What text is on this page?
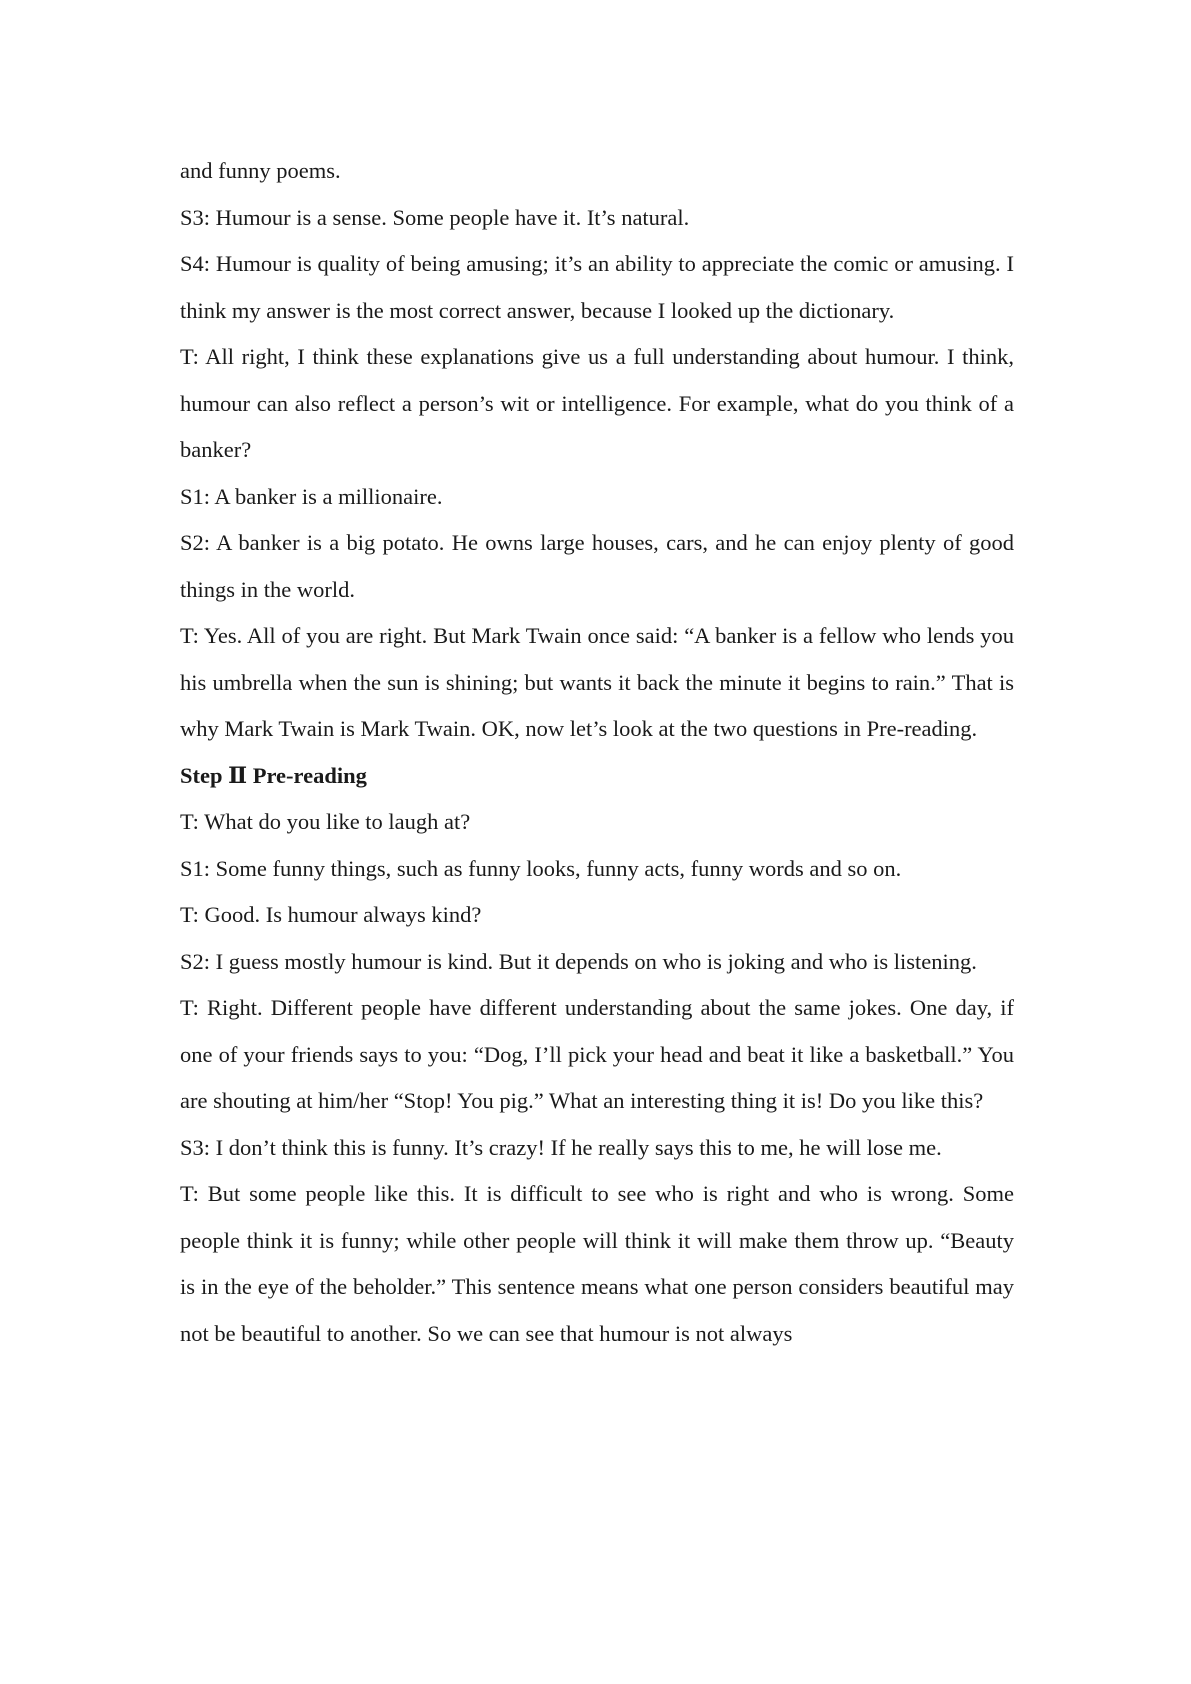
and funny poems.

S3: Humour is a sense. Some people have it. It’s natural.

S4: Humour is quality of being amusing; it’s an ability to appreciate the comic or amusing. I think my answer is the most correct answer, because I looked up the dictionary.

T: All right, I think these explanations give us a full understanding about humour. I think, humour can also reflect a person’s wit or intelligence. For example, what do you think of a banker?

S1: A banker is a millionaire.

S2: A banker is a big potato. He owns large houses, cars, and he can enjoy plenty of good things in the world.

T: Yes. All of you are right. But Mark Twain once said: “A banker is a fellow who lends you his umbrella when the sun is shining; but wants it back the minute it begins to rain.” That is why Mark Twain is Mark Twain. OK, now let’s look at the two questions in Pre-reading.

Step Ⅱ Pre-reading

T: What do you like to laugh at?

S1: Some funny things, such as funny looks, funny acts, funny words and so on.

T: Good. Is humour always kind?

S2: I guess mostly humour is kind. But it depends on who is joking and who is listening.

T: Right. Different people have different understanding about the same jokes. One day, if one of your friends says to you: “Dog, I’ll pick your head and beat it like a basketball.” You are shouting at him/her “Stop! You pig.” What an interesting thing it is! Do you like this?

S3: I don’t think this is funny. It’s crazy! If he really says this to me, he will lose me.

T: But some people like this. It is difficult to see who is right and who is wrong. Some people think it is funny; while other people will think it will make them throw up. “Beauty is in the eye of the beholder.” This sentence means what one person considers beautiful may not be beautiful to another. So we can see that humour is not always
